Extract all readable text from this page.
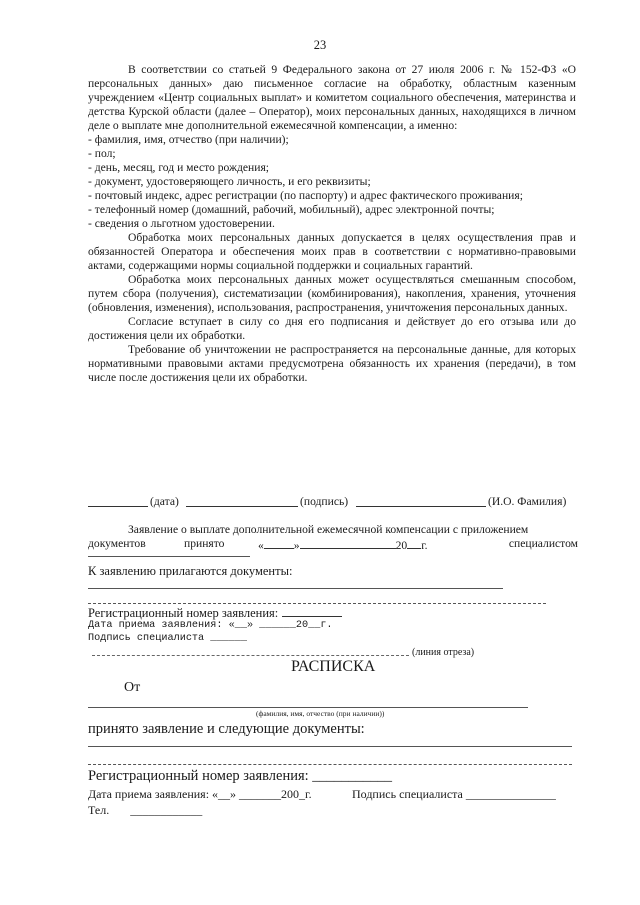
23

В соответствии со статьей 9 Федерального закона от 27 июля 2006 г. № 152-ФЗ «О персональных данных» даю письменное согласие на обработку, областным казенным учреждением «Центр социальных выплат» и комитетом социального обеспечения, материнства и детства Курской области (далее – Оператор), моих персональных данных, находящихся в личном деле о выплате мне дополнительной ежемесячной компенсации, а именно:

- фамилия, имя, отчество (при наличии);
- пол;
- день, месяц, год и место рождения;
- документ, удостоверяющего личность, и его реквизиты;
- почтовый индекс, адрес регистрации (по паспорту) и адрес фактического проживания;
- телефонный номер (домашний, рабочий, мобильный), адрес электронной почты;
- сведения о льготном удостоверении.

Обработка моих персональных данных допускается в целях осуществления прав и обязанностей Оператора и обеспечения моих прав в соответствии с нормативно-правовыми актами, содержащими нормы социальной поддержки и социальных гарантий.

Обработка моих персональных данных может осуществляться смешанным способом, путем сбора (получения), систематизации (комбинирования), накопления, хранения, уточнения (обновления, изменения), использования, распространения, уничтожения персональных данных.

Согласие вступает в силу со дня его подписания и действует до его отзыва или до достижения цели их обработки.

Требование об уничтожении не распространяется на персональные данные, для которых нормативными правовыми актами предусмотрена обязанность их хранения (передачи), в том числе после достижения цели их обработки.

(дата)	(подпись)	(И.О. Фамилия)
Заявление о выплате дополнительной ежемесячной компенсации с приложением
документов	принято	«	»	20 г.	специалистом
К заявлению прилагаются документы:
Регистрационный номер заявления:
Дата приема заявления: «__» ______20__г.
Подпись специалиста ______
(линия отреза)
РАСПИСКА
От
(фамилия, имя, отчество (при наличии))
принято заявление и следующие документы:
Регистрационный номер заявления: ___________
Дата приема заявления: «__» _______200_г.	Подпись специалиста _______________
Тел. ____________
